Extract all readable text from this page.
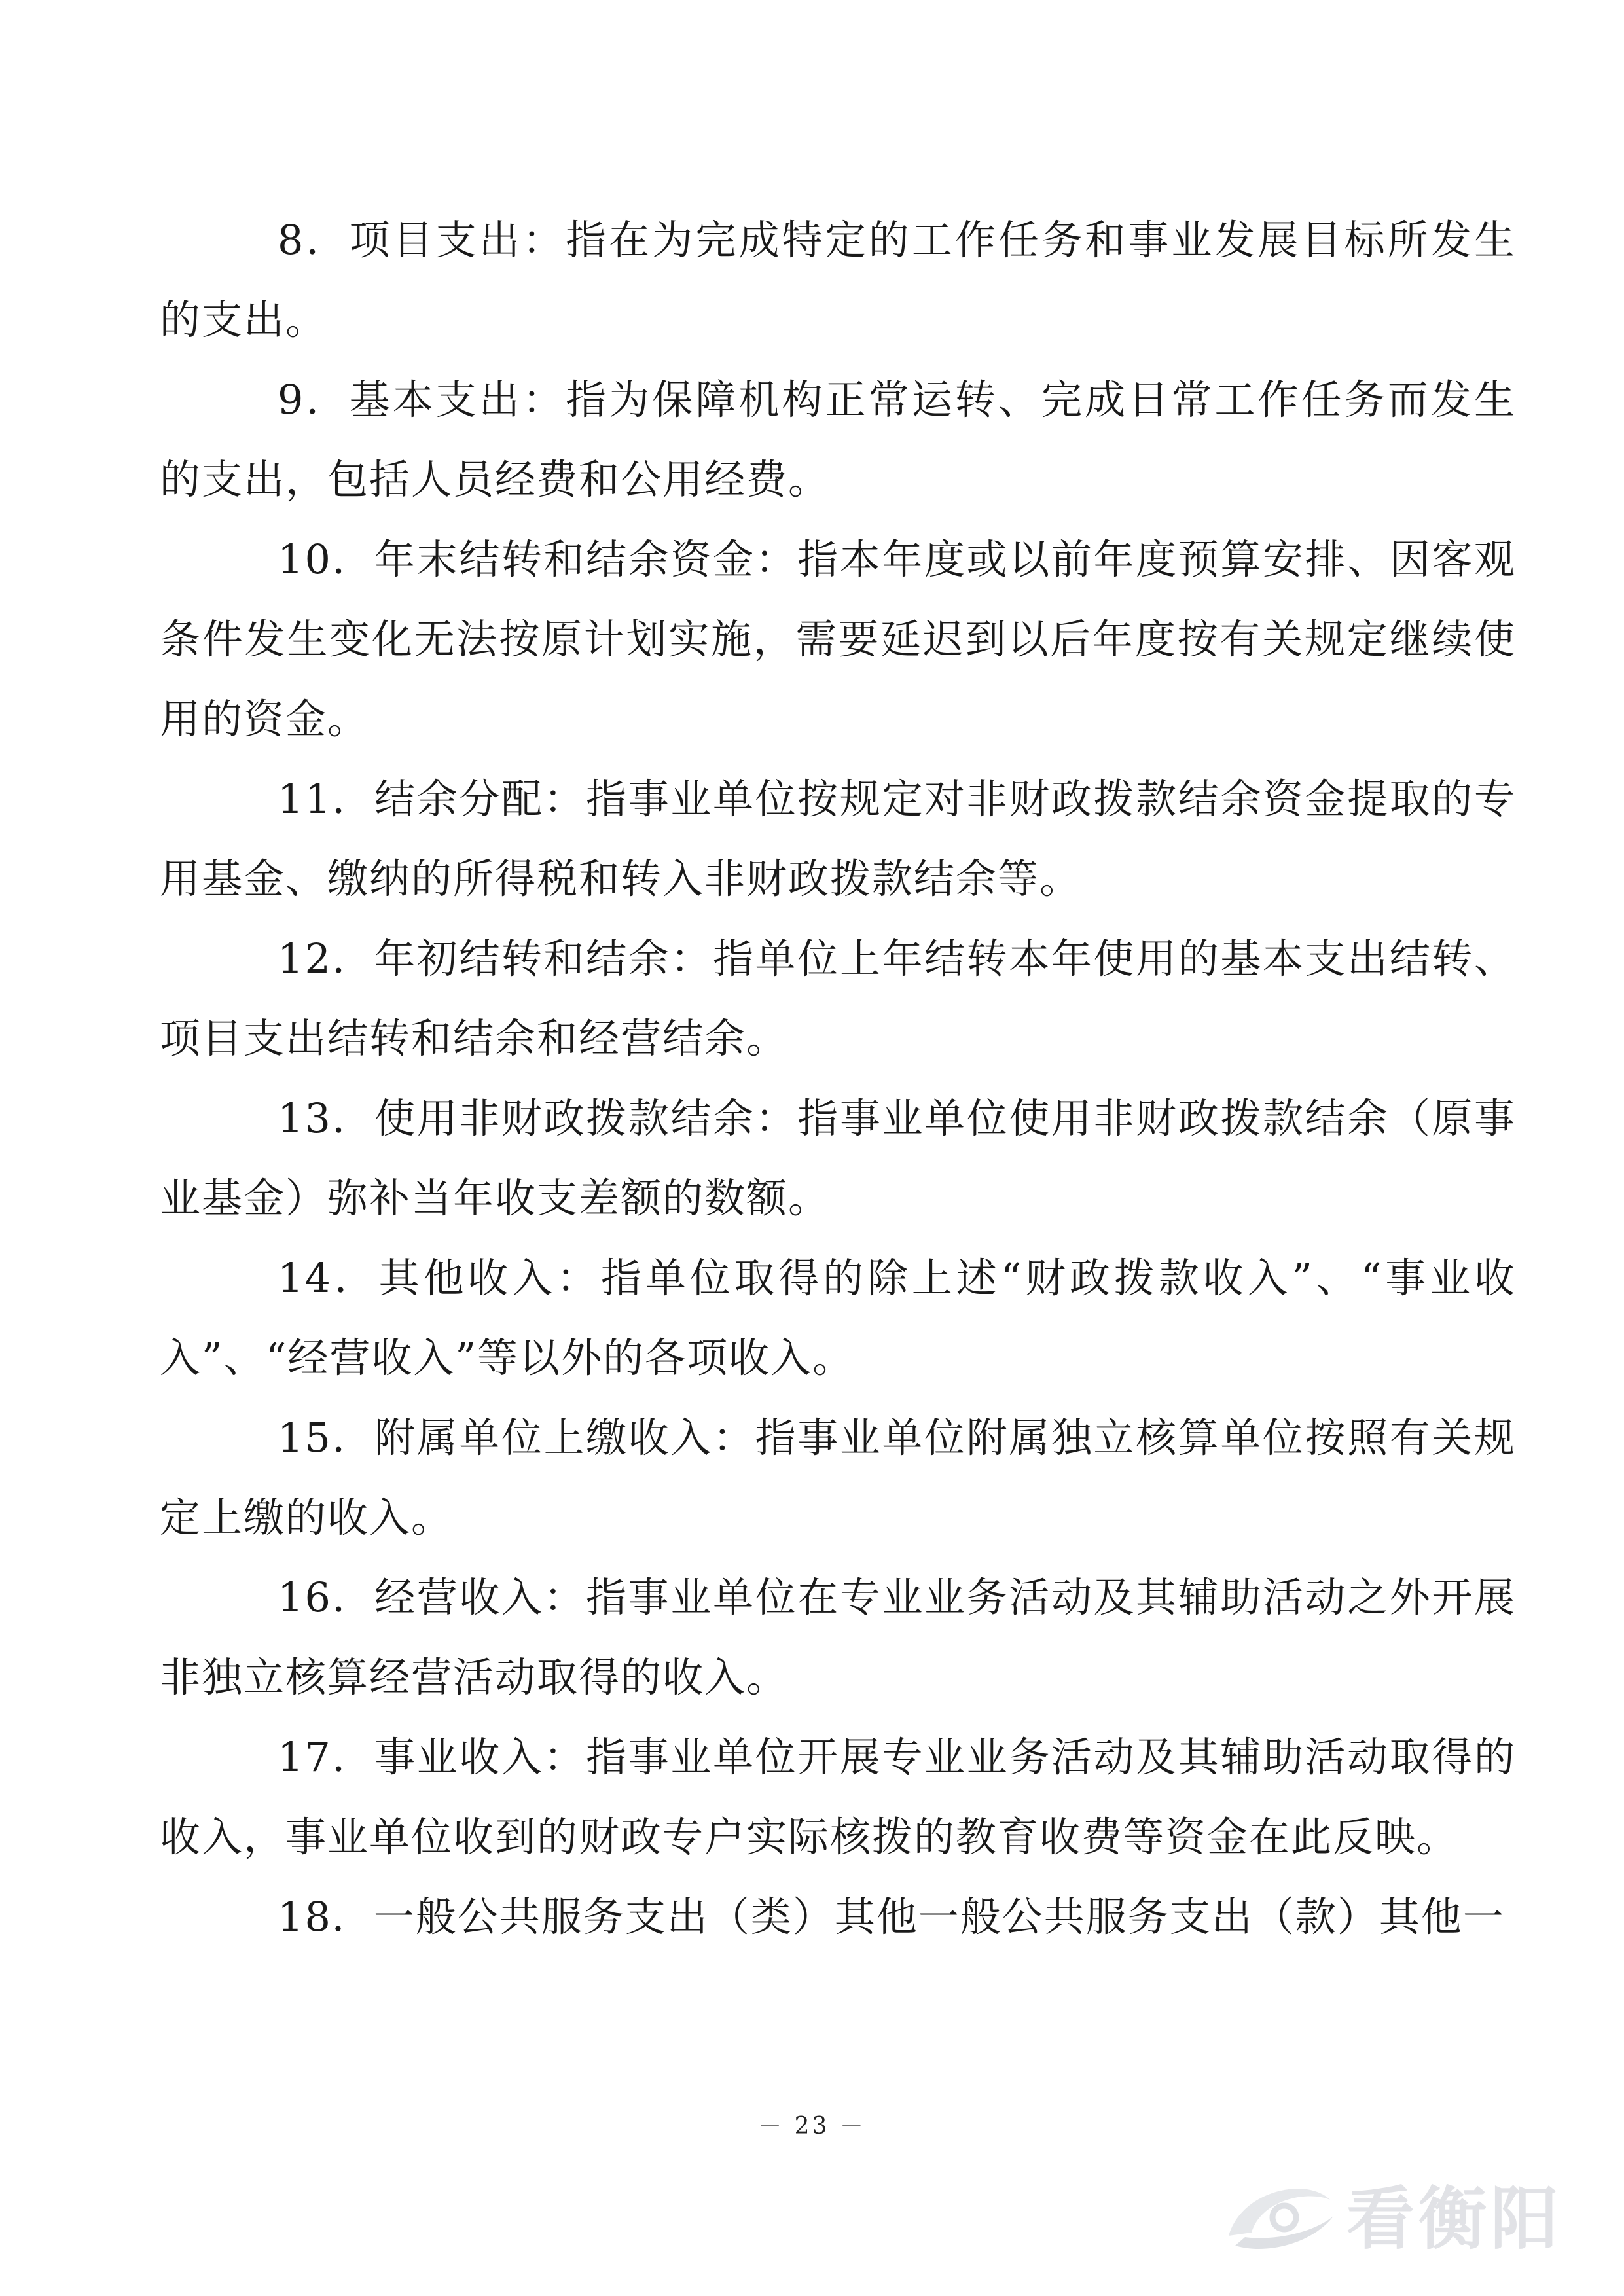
8．项目支出：指在为完成特定的工作任务和事业发展目标所发生的支出。

9．基本支出：指为保障机构正常运转、完成日常工作任务而发生的支出，包括人员经费和公用经费。

10．年末结转和结余资金：指本年度或以前年度预算安排、因客观条件发生变化无法按原计划实施，需要延迟到以后年度按有关规定继续使用的资金。

11．结余分配：指事业单位按规定对非财政拨款结余资金提取的专用基金、缴纳的所得税和转入非财政拨款结余等。

12．年初结转和结余：指单位上年结转本年使用的基本支出结转、项目支出结转和结余和经营结余。

13．使用非财政拨款结余：指事业单位使用非财政拨款结余（原事业基金）弥补当年收支差额的数额。

14．其他收入：指单位取得的除上述“财政拨款收入”、“事业收入”、“经营收入”等以外的各项收入。

15．附属单位上缴收入：指事业单位附属独立核算单位按照有关规定上缴的收入。

16．经营收入：指事业单位在专业业务活动及其辅助活动之外开展非独立核算经营活动取得的收入。

17．事业收入：指事业单位开展专业业务活动及其辅助活动取得的收入，事业单位收到的财政专户实际核拨的教育收费等资金在此反映。

18．一般公共服务支出（类）其他一般公共服务支出（款）其他一

－ 23 －
看衡阳
